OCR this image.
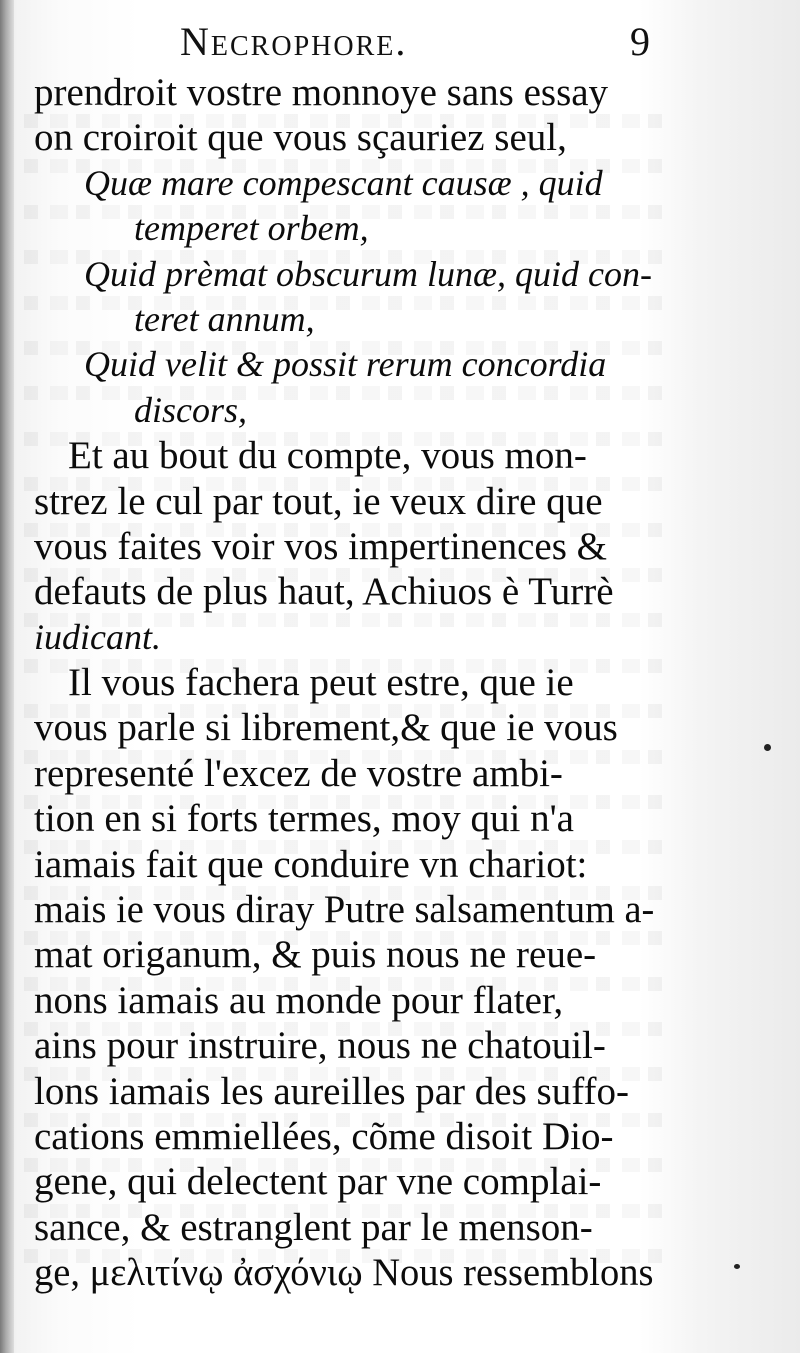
Necrophore.	9
prendroit vostre monnoye sans essay
on croiroit que vous sçauriez seul,
Quæ mare compescant causæ , quid
temperet orbem,
Quid prèmat obscurum lunæ, quid con-
teret annum,
Quid velit & possit rerum concordia
discors,
Et au bout du compte, vous mon-
strez le cul par tout, ie veux dire que
vous faites voir vos impertinences &
defauts de plus haut, Achiuos è Turrè
iudicant.
Il vous fachera peut estre, que ie
vous parle si librement,& que ie vous
representé l'excez de vostre ambi-
tion en si forts termes, moy qui n'a
iamais fait que conduire vn chariot:
mais ie vous diray Putre salsamentum a-
mat origanum, & puis nous ne reue-
nons iamais au monde pour flater,
ains pour instruire, nous ne chatouil-
lons iamais les aureilles par des suffo-
cations emmiellées, cõme disoit Dio-
gene, qui delectent par vne complai-
sance, & estranglent par le menson-
ge, μελιτίνῳ ἀσχόνιῳ Nous ressemblons
